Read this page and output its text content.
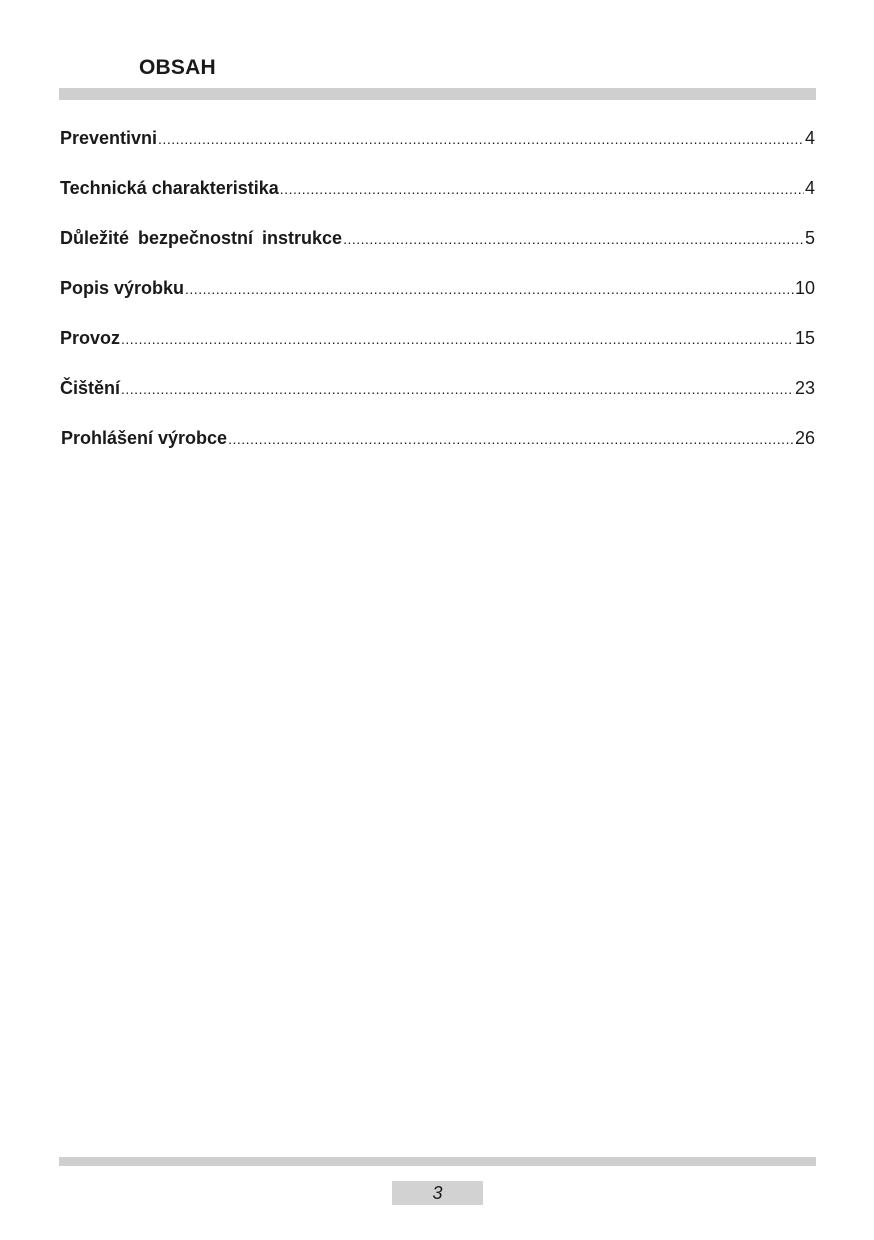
OBSAH
Preventivni .....	4
Technická charakteristika .....	4
Důležité bezpečnostní instrukce .....	5
Popis výrobku .....	10
Provoz .....	15
Čištění .....	23
Prohlášení výrobce .....	26
3
